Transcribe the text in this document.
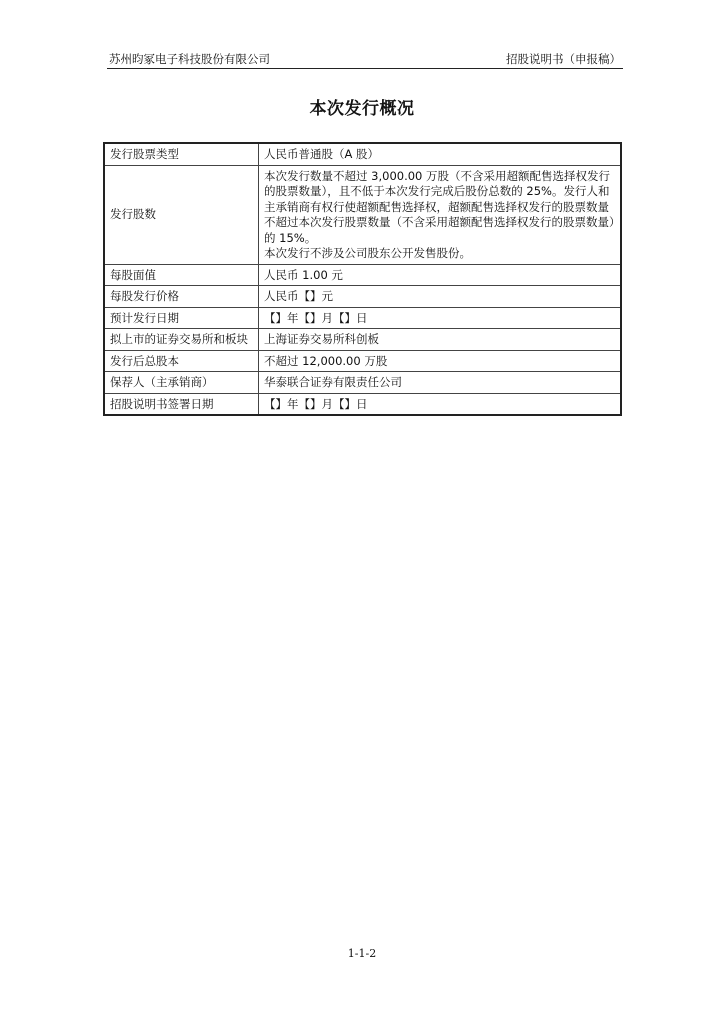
苏州昀冢电子科技股份有限公司	招股说明书（申报稿）
本次发行概况
发行股票类型	人民币普通股（A 股）

发行股数	本次发行数量不超过 3,000.00 万股（不含采用超额配售选择权发行的股票数量），且不低于本次发行完成后股份总数的 25%。发行人和主承销商有权行使超额配售选择权，超额配售选择权发行的股票数量不超过本次发行股票数量（不含采用超额配售选择权发行的股票数量）的 15%。

本次发行不涉及公司股东公开发售股份。

每股面值	人民币 1.00 元

每股发行价格	人民币【】元

预计发行日期	【】年【】月【】日

拟上市的证券交易所和板块	上海证券交易所科创板

发行后总股本	不超过 12,000.00 万股

保荐人（主承销商）	华泰联合证券有限责任公司

招股说明书签署日期	【】年【】月【】日

1-1-2
